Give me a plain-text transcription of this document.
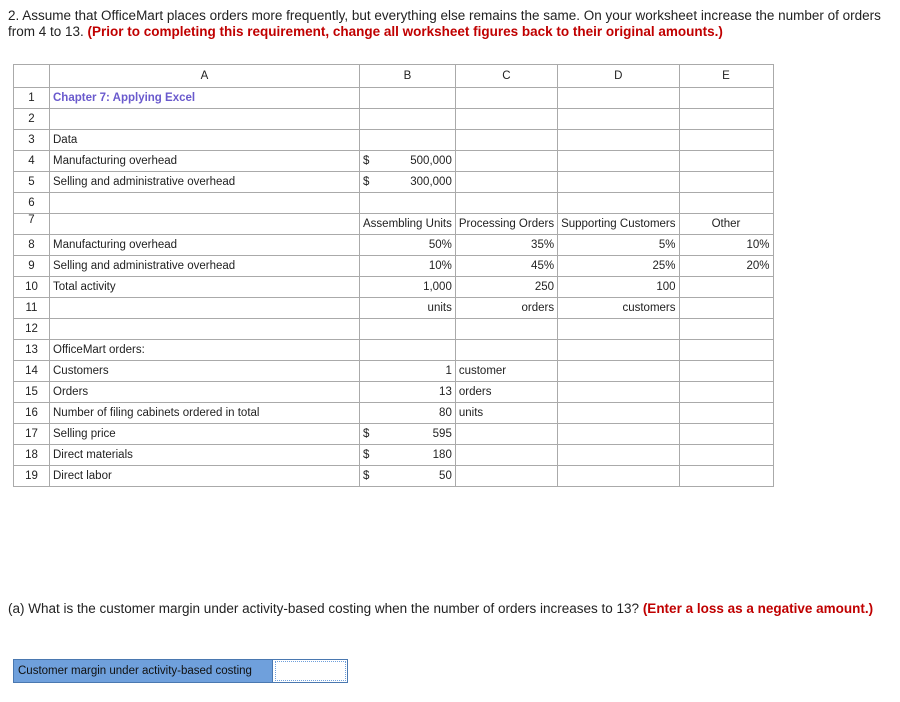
2. Assume that OfficeMart places orders more frequently, but everything else remains the same. On your worksheet increase the number of orders from 4 to 13. (Prior to completing this requirement, change all worksheet figures back to their original amounts.)
	A	B	C	D	E
1	Chapter 7: Applying Excel				
2					
3	Data				
4	Manufacturing overhead	$ 500,000			

5	Selling and administrative overhead	$ 300,000			

6					
7		Assembling Units	Processing Orders	Supporting Customers	Other
8	Manufacturing overhead	50%	35%	5%	10%
9	Selling and administrative overhead	10%	45%	25%	20%
10	Total activity	1,000	250	100	
11		units	orders	customers	
12					
13	OfficeMart orders:				
14	Customers	1	customer		
15	Orders	13	orders		
16	Number of filing cabinets ordered in total	80	units		
17	Selling price	$ 595			

18	Direct materials	$ 180			

19	Direct labor	$ 50			

(a) What is the customer margin under activity-based costing when the number of orders increases to 13? (Enter a loss as a negative amount.)
Customer margin under activity-based costing
